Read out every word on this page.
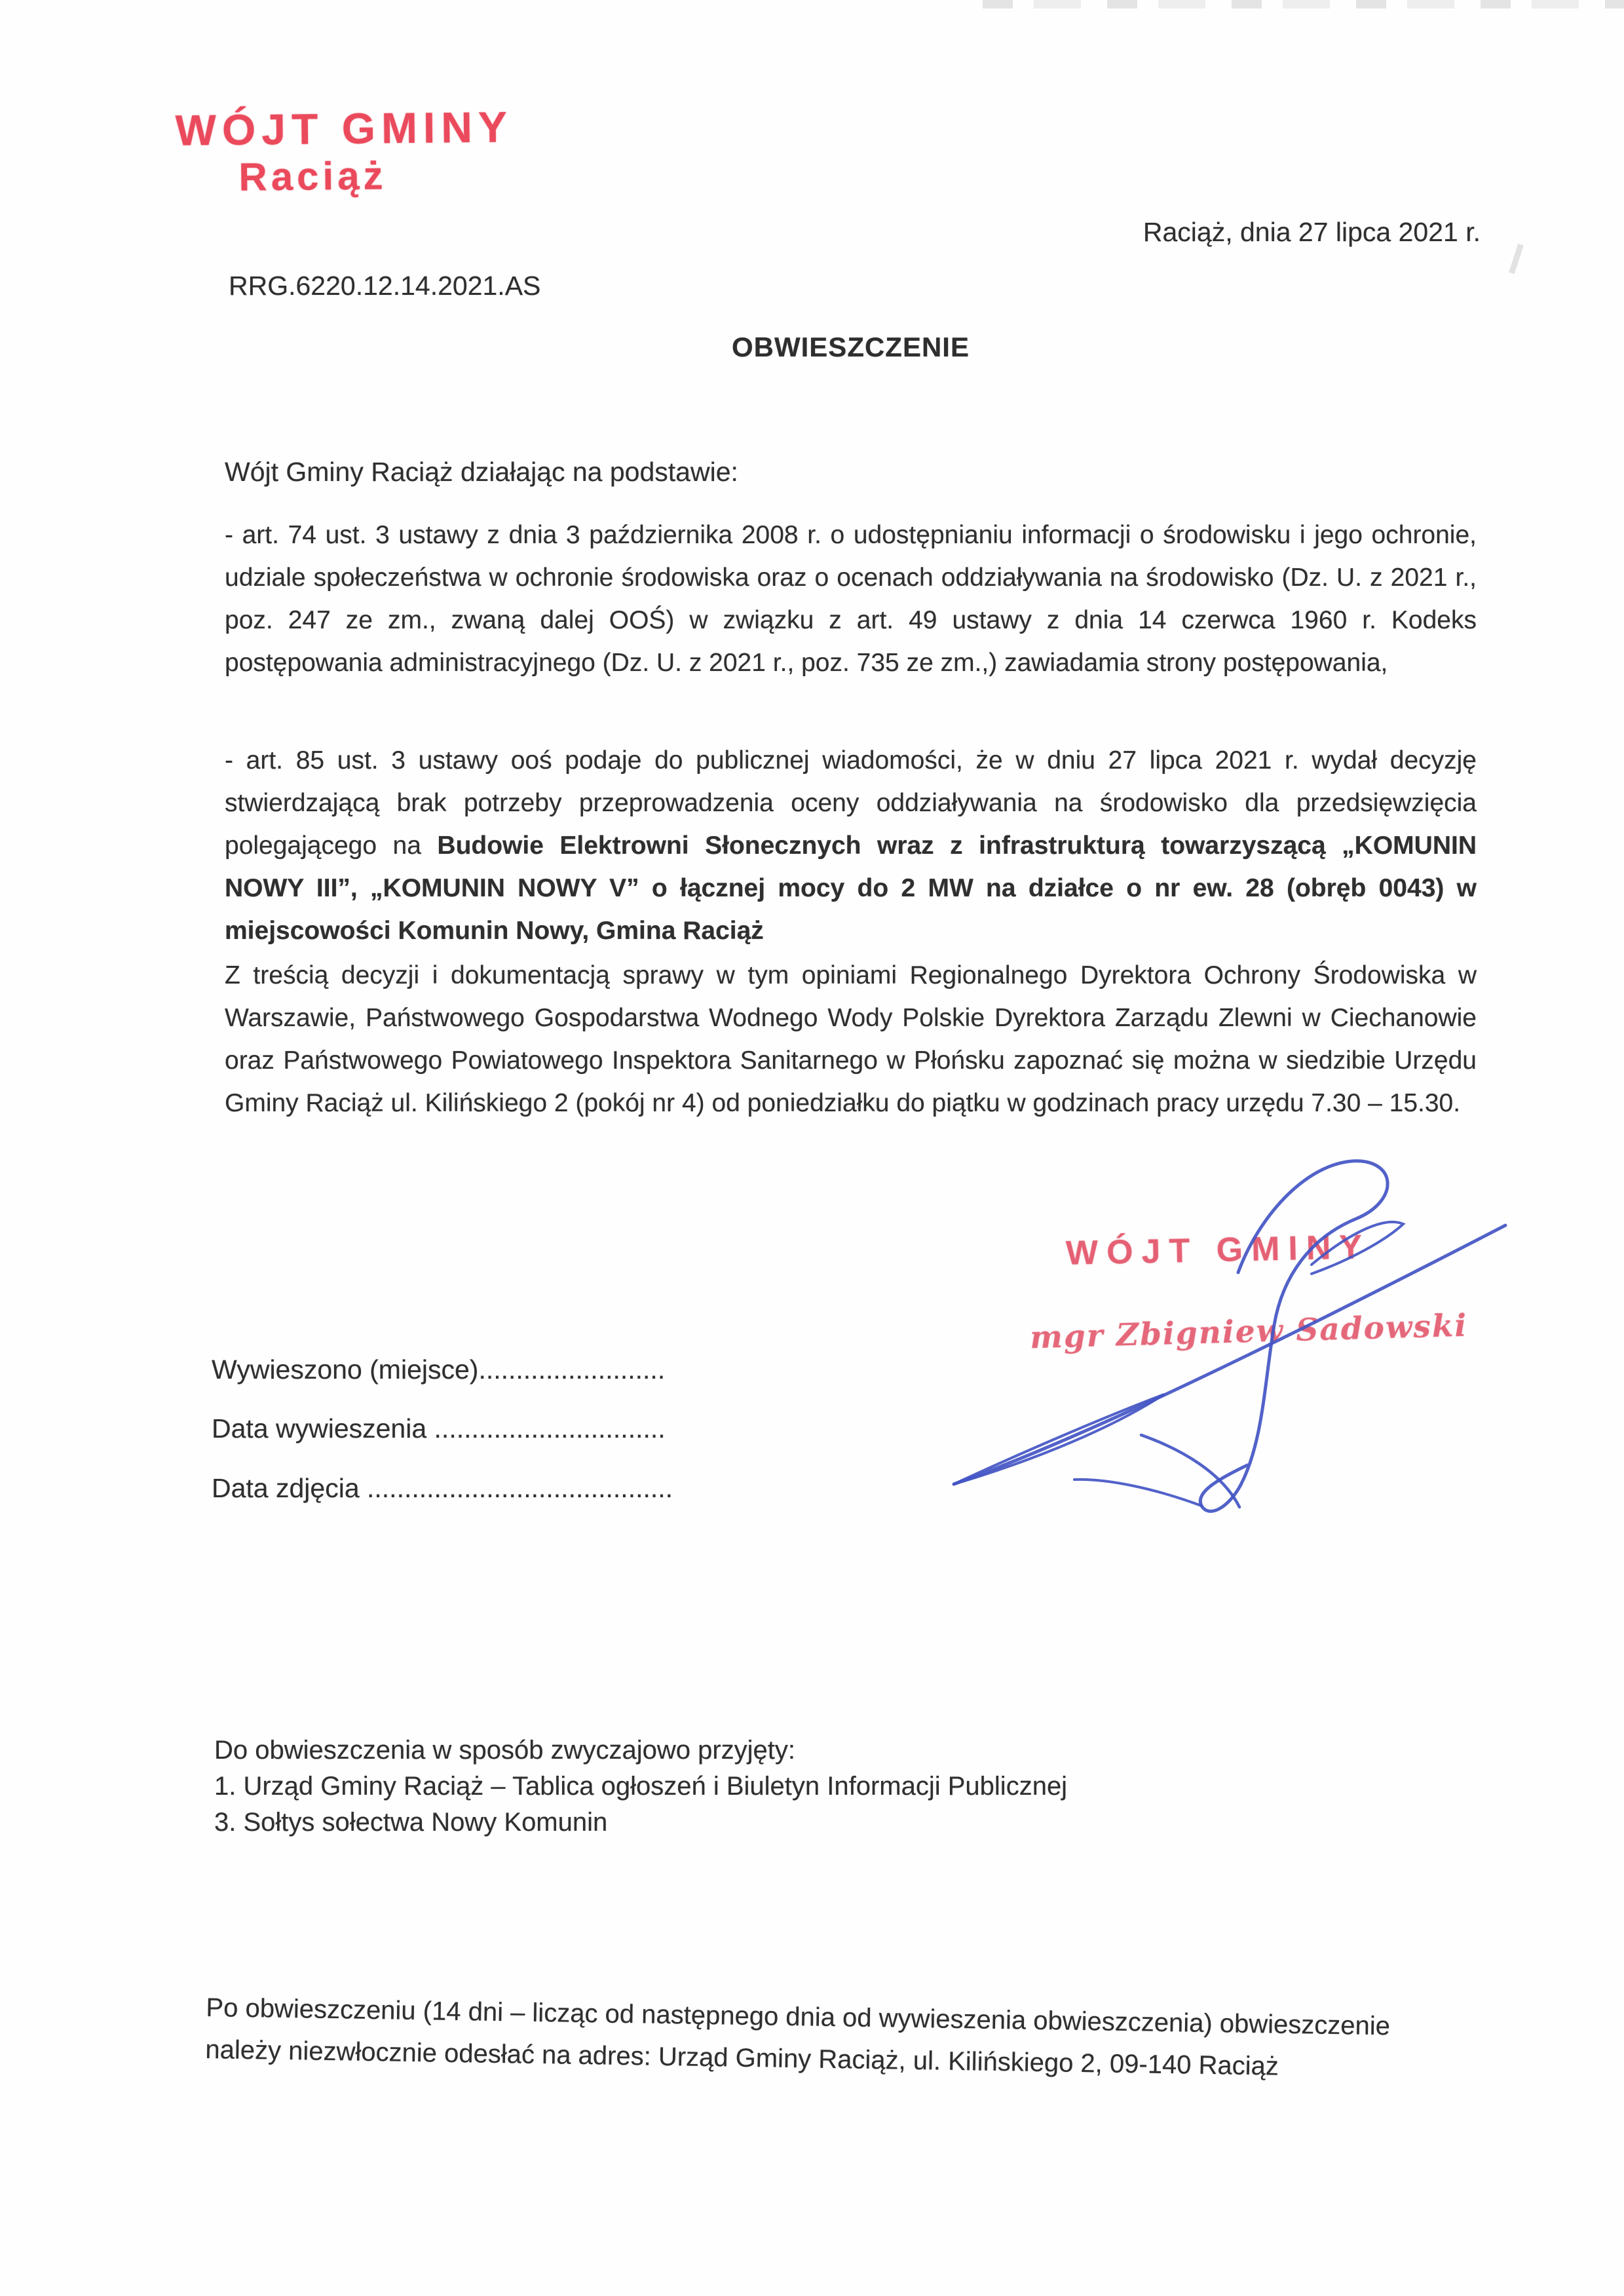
WÓJT GMINY
Raciąż
Raciąż, dnia 27 lipca 2021 r.
RRG.6220.12.14.2021.AS
OBWIESZCZENIE
Wójt Gminy Raciąż działając na podstawie:
- art. 74 ust. 3 ustawy z dnia 3 października 2008 r. o udostępnianiu informacji o środowisku i jego ochronie, udziale społeczeństwa w ochronie środowiska oraz o ocenach oddziaływania na środowisko (Dz. U. z 2021 r., poz. 247 ze zm., zwaną dalej OOŚ) w związku z art. 49 ustawy z dnia 14 czerwca 1960 r. Kodeks postępowania administracyjnego (Dz. U. z 2021 r., poz. 735 ze zm.,) zawiadamia strony postępowania,
- art. 85 ust. 3 ustawy ooś podaje do publicznej wiadomości, że w dniu 27 lipca 2021 r. wydał decyzję stwierdzającą brak potrzeby przeprowadzenia oceny oddziaływania na środowisko dla przedsięwzięcia polegającego na Budowie Elektrowni Słonecznych wraz z infrastrukturą towarzyszącą „KOMUNIN NOWY III”, „KOMUNIN NOWY V” o łącznej mocy do 2 MW na działce o nr ew. 28 (obręb 0043) w miejscowości Komunin Nowy, Gmina Raciąż
Z treścią decyzji i dokumentacją sprawy w tym opiniami Regionalnego Dyrektora Ochrony Środowiska w Warszawie, Państwowego Gospodarstwa Wodnego Wody Polskie Dyrektora Zarządu Zlewni w Ciechanowie oraz Państwowego Powiatowego Inspektora Sanitarnego w Płońsku zapoznać się można w siedzibie Urzędu Gminy Raciąż ul. Kilińskiego 2 (pokój nr 4) od poniedziałku do piątku w godzinach pracy urzędu 7.30 – 15.30.
WÓJT GMINY
mgr Zbigniew Sadowski
Wywieszono (miejsce).........................
Data wywieszenia ...............................
Data zdjęcia .........................................
Do obwieszczenia w sposób zwyczajowo przyjęty:
1. Urząd Gminy Raciąż – Tablica ogłoszeń i Biuletyn Informacji Publicznej
3. Sołtys sołectwa Nowy Komunin
Po obwieszczeniu (14 dni – licząc od następnego dnia od wywieszenia obwieszczenia) obwieszczenie należy niezwłocznie odesłać na adres: Urząd Gminy Raciąż, ul. Kilińskiego 2, 09-140 Raciąż
